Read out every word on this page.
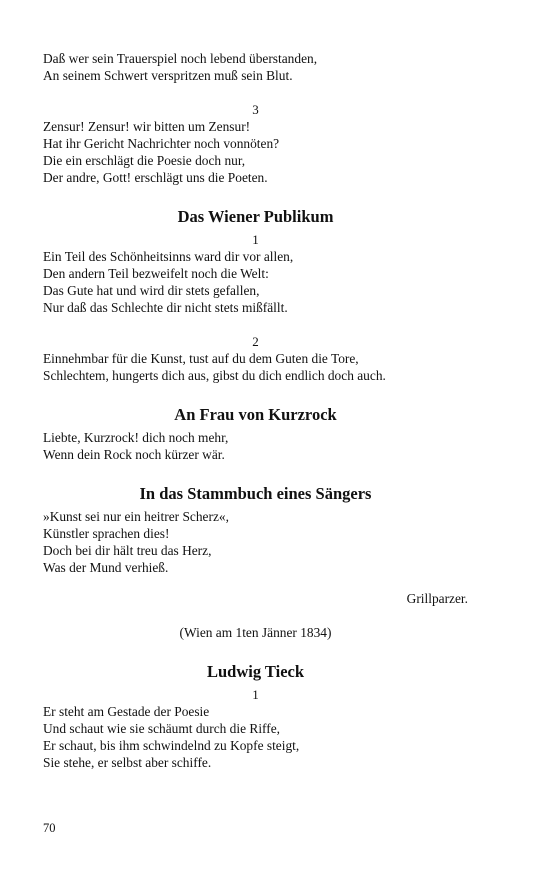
Daß wer sein Trauerspiel noch lebend überstanden,
An seinem Schwert verspritzen muß sein Blut.
3
Zensur! Zensur! wir bitten um Zensur!
Hat ihr Gericht Nachrichter noch vonnöten?
Die ein erschlägt die Poesie doch nur,
Der andre, Gott! erschlägt uns die Poeten.
Das Wiener Publikum
1
Ein Teil des Schönheitsinns ward dir vor allen,
Den andern Teil bezweifelt noch die Welt:
Das Gute hat und wird dir stets gefallen,
Nur daß das Schlechte dir nicht stets mißfällt.
2
Einnehmbar für die Kunst, tust auf du dem Guten die Tore,
Schlechtem, hungerts dich aus, gibst du dich endlich doch auch.
An Frau von Kurzrock
Liebte, Kurzrock! dich noch mehr,
Wenn dein Rock noch kürzer wär.
In das Stammbuch eines Sängers
»Kunst sei nur ein heitrer Scherz«,
Künstler sprachen dies!
Doch bei dir hält treu das Herz,
Was der Mund verhieß.
Grillparzer.
(Wien am 1ten Jänner 1834)
Ludwig Tieck
1
Er steht am Gestade der Poesie
Und schaut wie sie schäumt durch die Riffe,
Er schaut, bis ihm schwindelnd zu Kopfe steigt,
Sie stehe, er selbst aber schiffe.
70
